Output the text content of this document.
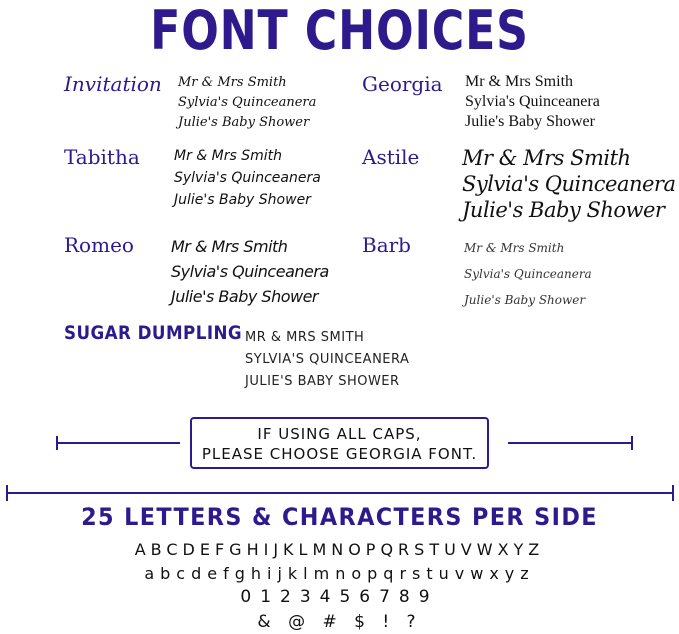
FONT CHOICES
Invitation Mr & Mrs Smith
Sylvia's Quinceanera
Julie's Baby Shower
Georgia Mr & Mrs Smith
Sylvia's Quinceanera
Julie's Baby Shower
Tabitha Mr & Mrs Smith
Sylvia's Quinceanera
Julie's Baby Shower
Astile Mr & Mrs Smith
Sylvia's Quinceanera
Julie's Baby Shower
Romeo Mr & Mrs Smith
Sylvia's Quinceanera
Julie's Baby Shower
Barb	Mr & Mrs Smith
Sylvia's Quinceanera
Julie's Baby Shower
SUGAR DUMPLING MR & MRS SMITH
SYLVIA'S QUINCEANERA
JULIE'S BABY SHOWER
IF USING ALL CAPS,
PLEASE CHOOSE GEORGIA FONT.
25 LETTERS & CHARACTERS PER SIDE
ABCDEFGHIJKLMNOPQRSTUVWXYZ
abcdefghijklmnopqrstuvwxyz
0123456789
& @ # $ ! ?
